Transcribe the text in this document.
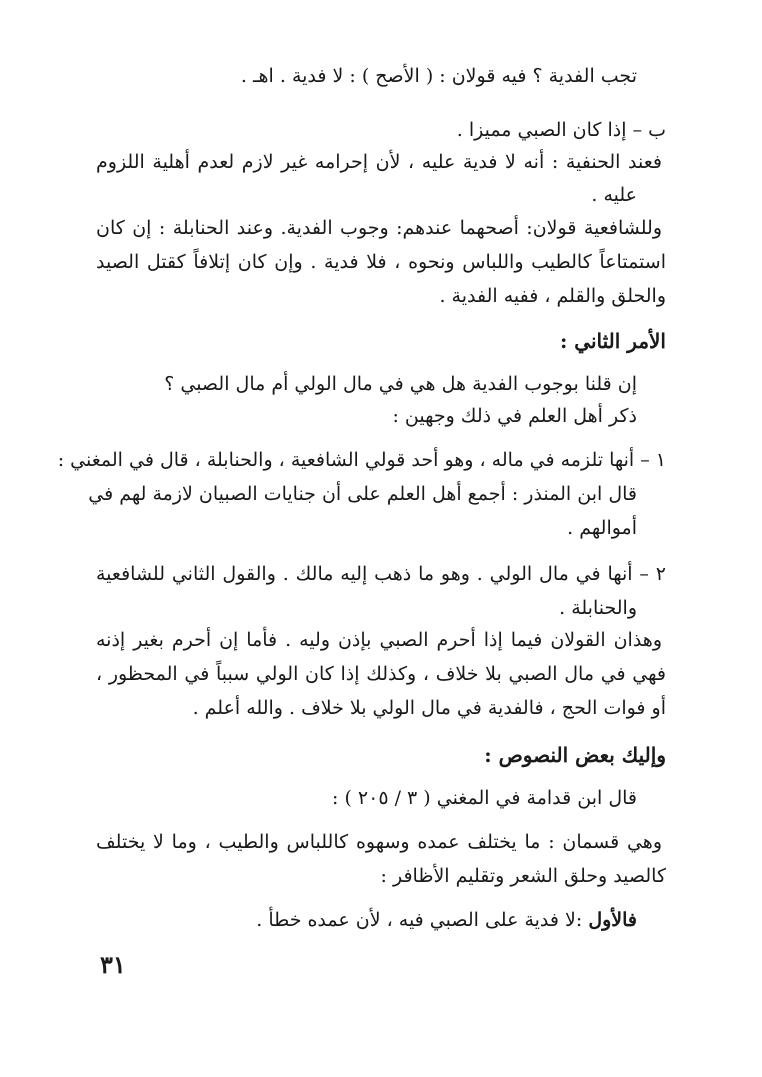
تجب الفدية ؟ فيه قولان : ( الأصح ) : لا فدية . اهـ .
ب – إذا كان الصبي مميزا .
فعند الحنفية : أنه لا فدية عليه ، لأن إحرامه غير لازم لعدم أهلية اللزوم
عليه .
وللشافعية قولان: أصحهما عندهم: وجوب الفدية. وعند الحنابلة : إن كان
استمتاعاً كالطيب واللباس ونحوه ، فلا فدية . وإن كان إتلافاً كقتل الصيد
والحلق والقلم ، ففيه الفدية .
الأمر الثاني :
إن قلنا بوجوب الفدية هل هي في مال الولي أم مال الصبي ؟
ذكر أهل العلم في ذلك وجهين :
١ – أنها تلزمه في ماله ، وهو أحد قولي الشافعية ، والحنابلة ، قال في المغني :
قال ابن المنذر : أجمع أهل العلم على أن جنايات الصبيان لازمة لهم في
أموالهم .
٢ – أنها في مال الولي . وهو ما ذهب إليه مالك . والقول الثاني للشافعية
والحنابلة .
وهذان القولان فيما إذا أحرم الصبي بإذن وليه . فأما إن أحرم بغير إذنه
فهي في مال الصبي بلا خلاف ، وكذلك إذا كان الولي سبباً في المحظور ،
أو فوات الحج ، فالفدية في مال الولي بلا خلاف . والله أعلم .
وإليك بعض النصوص :
قال ابن قدامة في المغني ( ٣ / ٢٠٥ ) :
وهي قسمان : ما يختلف عمده وسهوه كاللباس والطيب ، وما لا يختلف
كالصيد وحلق الشعر وتقليم الأظافر :
فالأول :لا فدية على الصبي فيه ، لأن عمده خطأ .
٣١
